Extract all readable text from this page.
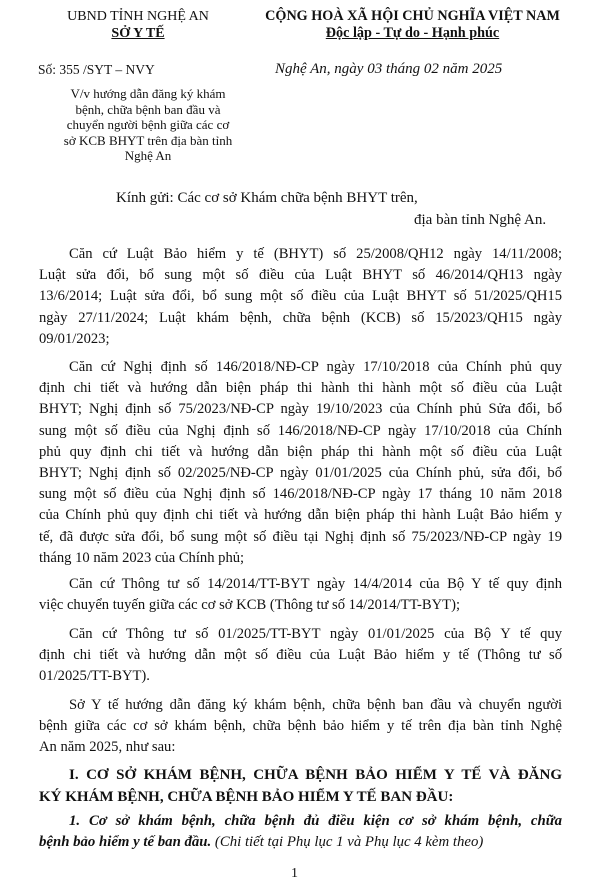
UBND TỈNH NGHỆ AN
SỞ Y TẾ
CỘNG HOÀ XÃ HỘI CHỦ NGHĨA VIỆT NAM
Độc lập - Tự do - Hạnh phúc
Số: 355 /SYT – NVY	Nghệ An, ngày 03 tháng 02 năm 2025
V/v hướng dẫn đăng ký khám
bệnh, chữa bệnh ban đầu và
chuyển người bệnh giữa các cơ
sở KCB BHYT trên địa bàn tỉnh
Nghệ An
Kính gửi: Các cơ sở Khám chữa bệnh BHYT trên,
địa bàn tỉnh Nghệ An.
Căn cứ Luật Bảo hiểm y tế (BHYT) số 25/2008/QH12 ngày 14/11/2008;
Luật sửa đổi, bổ sung một số điều của Luật BHYT số 46/2014/QH13 ngày
13/6/2014; Luật sửa đổi, bổ sung một số điều của Luật BHYT số 51/2025/QH15
ngày 27/11/2024; Luật khám bệnh, chữa bệnh (KCB) số 15/2023/QH15 ngày
09/01/2023;
Căn cứ Nghị định số 146/2018/NĐ-CP ngày 17/10/2018 của Chính phủ quy
định chi tiết và hướng dẫn biện pháp thi hành thi hành một số điều của Luật
BHYT; Nghị định số 75/2023/NĐ-CP ngày 19/10/2023 của Chính phủ Sửa đổi, bổ
sung một số điều của Nghị định số 146/2018/NĐ-CP ngày 17/10/2018 của Chính
phủ quy định chi tiết và hướng dẫn biện pháp thi hành một số điều của Luật
BHYT; Nghị định số 02/2025/NĐ-CP ngày 01/01/2025 của Chính phủ, sửa đổi, bổ
sung một số điều của Nghị định số 146/2018/NĐ-CP ngày 17 tháng 10 năm 2018
của Chính phủ quy định chi tiết và hướng dẫn biện pháp thi hành Luật Bảo hiểm y
tế, đã được sửa đổi, bổ sung một số điều tại Nghị định số 75/2023/NĐ-CP ngày 19
tháng 10 năm 2023 của Chính phủ;
Căn cứ Thông tư số 14/2014/TT-BYT ngày 14/4/2014 của Bộ Y tế quy định
việc chuyển tuyến giữa các cơ sở KCB (Thông tư số 14/2014/TT-BYT);
Căn cứ Thông tư số 01/2025/TT-BYT ngày 01/01/2025 của Bộ Y tế quy
định chi tiết và hướng dẫn một số điều của Luật Bảo hiểm y tế (Thông tư số
01/2025/TT-BYT).
Sở Y tế hướng dẫn đăng ký khám bệnh, chữa bệnh ban đầu và chuyển người
bệnh giữa các cơ sở khám bệnh, chữa bệnh bảo hiểm y tế trên địa bàn tỉnh Nghệ
An năm 2025, như sau:
I. CƠ SỞ KHÁM BỆNH, CHỮA BỆNH BẢO HIỂM Y TẾ VÀ ĐĂNG
KÝ KHÁM BỆNH, CHỮA BỆNH BẢO HIỂM Y TẾ BAN ĐẦU:
1. Cơ sở khám bệnh, chữa bệnh đủ điều kiện cơ sở khám bệnh, chữa
bệnh bảo hiểm y tế ban đầu. (Chi tiết tại Phụ lục 1 và Phụ lục 4 kèm theo)
1
